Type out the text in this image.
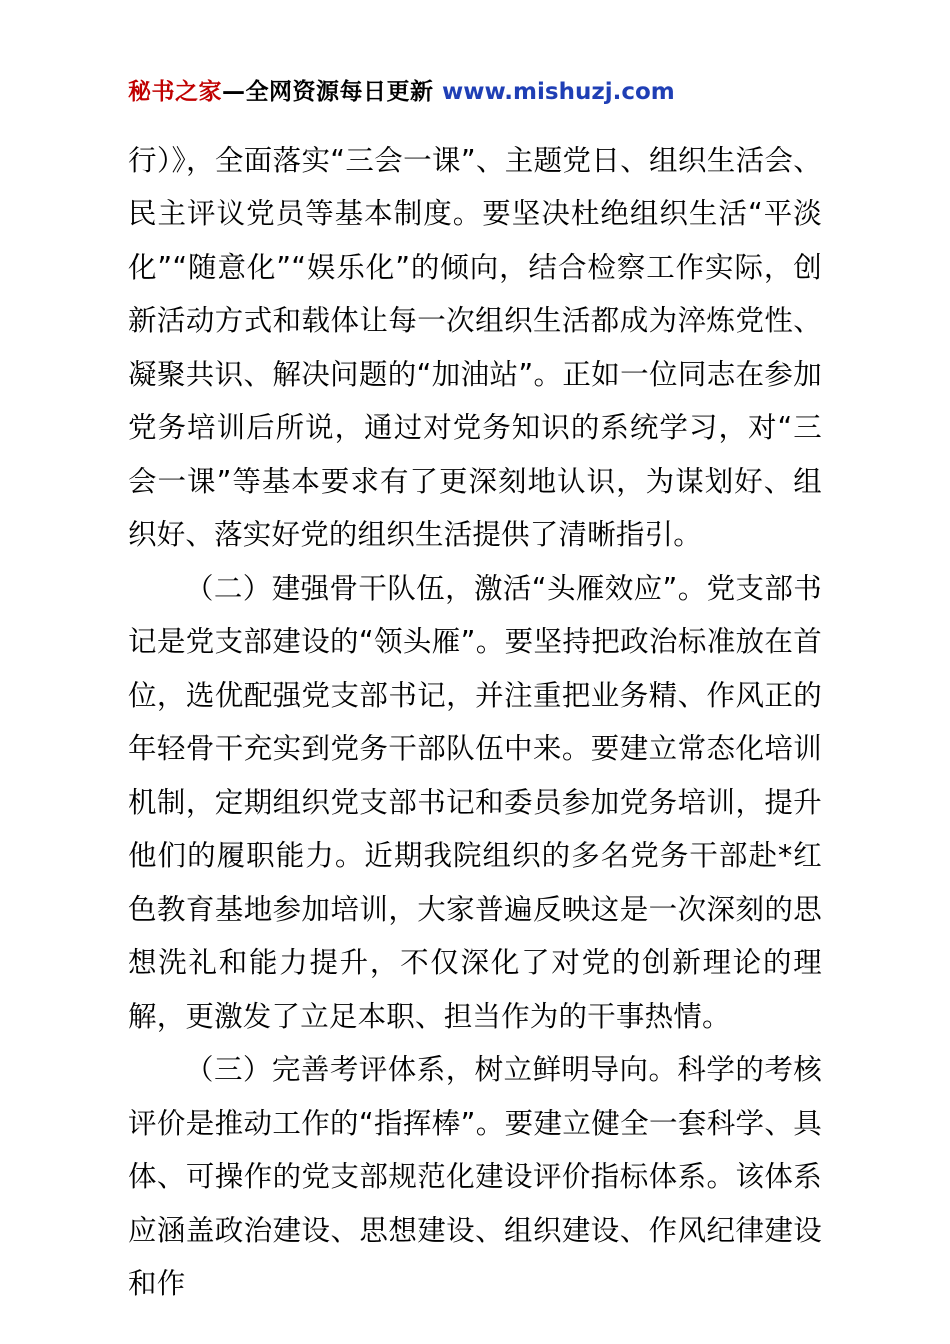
秘书之家—全网资源每日更新 www.mishuzj.com

行）》，全面落实“三会一课”、主题党日、组织生活会、民主评议党员等基本制度。要坚决杜绝组织生活“平淡化”“随意化”“娱乐化”的倾向，结合检察工作实际，创新活动方式和载体让每一次组织生活都成为淬炼党性、凝聚共识、解决问题的“加油站”。正如一位同志在参加党务培训后所说，通过对党务知识的系统学习，对“三会一课”等基本要求有了更深刻地认识，为谋划好、组织好、落实好党的组织生活提供了清晰指引。

（二）建强骨干队伍，激活“头雁效应”。党支部书记是党支部建设的“领头雁”。要坚持把政治标准放在首位，选优配强党支部书记，并注重把业务精、作风正的年轻骨干充实到党务干部队伍中来。要建立常态化培训机制，定期组织党支部书记和委员参加党务培训，提升他们的履职能力。近期我院组织的多名党务干部赴*红色教育基地参加培训，大家普遍反映这是一次深刻的思想洗礼和能力提升，不仅深化了对党的创新理论的理解，更激发了立足本职、担当作为的干事热情。

（三）完善考评体系，树立鲜明导向。科学的考核评价是推动工作的“指挥棒”。要建立健全一套科学、具体、可操作的党支部规范化建设评价指标体系。该体系应涵盖政治建设、思想建设、组织建设、作风纪律建设和作
